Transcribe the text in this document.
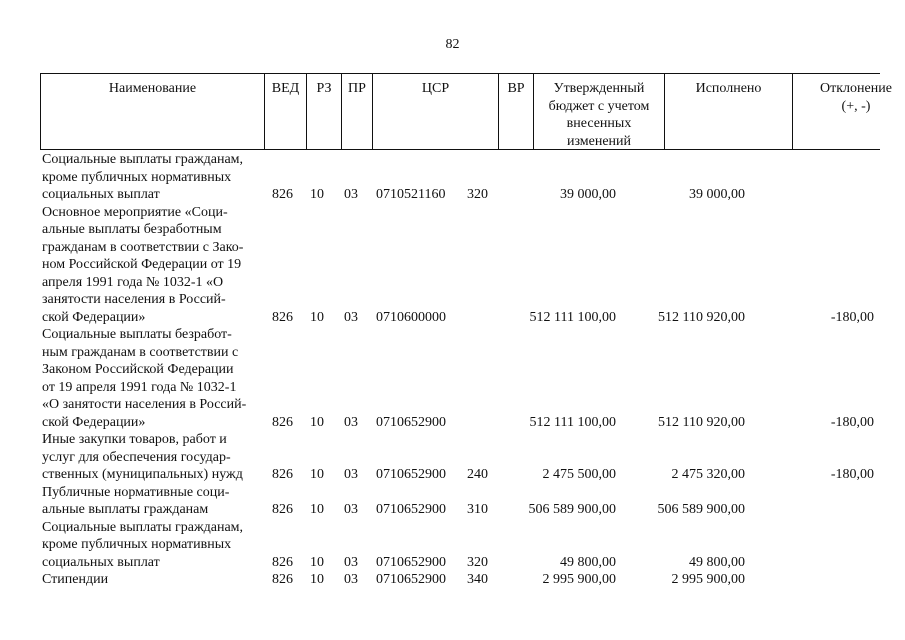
82
Наименование	ВЕД	РЗ	ПР	ЦСР	ВР	Утвержденный
бюджет с учетом
внесенных
изменений
Исполнено	Отклонение
(+, -)
Социальные выплаты гражданам,
кроме публичных нормативных
социальных выплат	826 10 03 0710521160 320	39 000,00	39 000,00
Основное мероприятие «Соци-
альные выплаты безработным
гражданам в соответствии с Зако-
ном Российской Федерации от 19
апреля 1991 года № 1032-1 «О
занятости населения в Россий-
ской Федерации»	826 10 03 0710600000	512 111 100,00	512 110 920,00	-180,00
Социальные выплаты безработ-
ным гражданам в соответствии с
Законом Российской Федерации
от 19 апреля 1991 года № 1032-1
«О занятости населения в Россий-
ской Федерации»	826 10 03 0710652900	512 111 100,00	512 110 920,00	-180,00
Иные закупки товаров, работ и
услуг для обеспечения государ-
ственных (муниципальных) нужд	826 10 03 0710652900 240	2 475 500,00	2 475 320,00	-180,00
Публичные нормативные соци-
альные выплаты гражданам	826 10 03 0710652900 310	506 589 900,00	506 589 900,00
Социальные выплаты гражданам,
кроме публичных нормативных
социальных выплат	826 10 03 0710652900 320	49 800,00	49 800,00
Стипендии	826 10 03 0710652900 340	2 995 900,00	2 995 900,00
